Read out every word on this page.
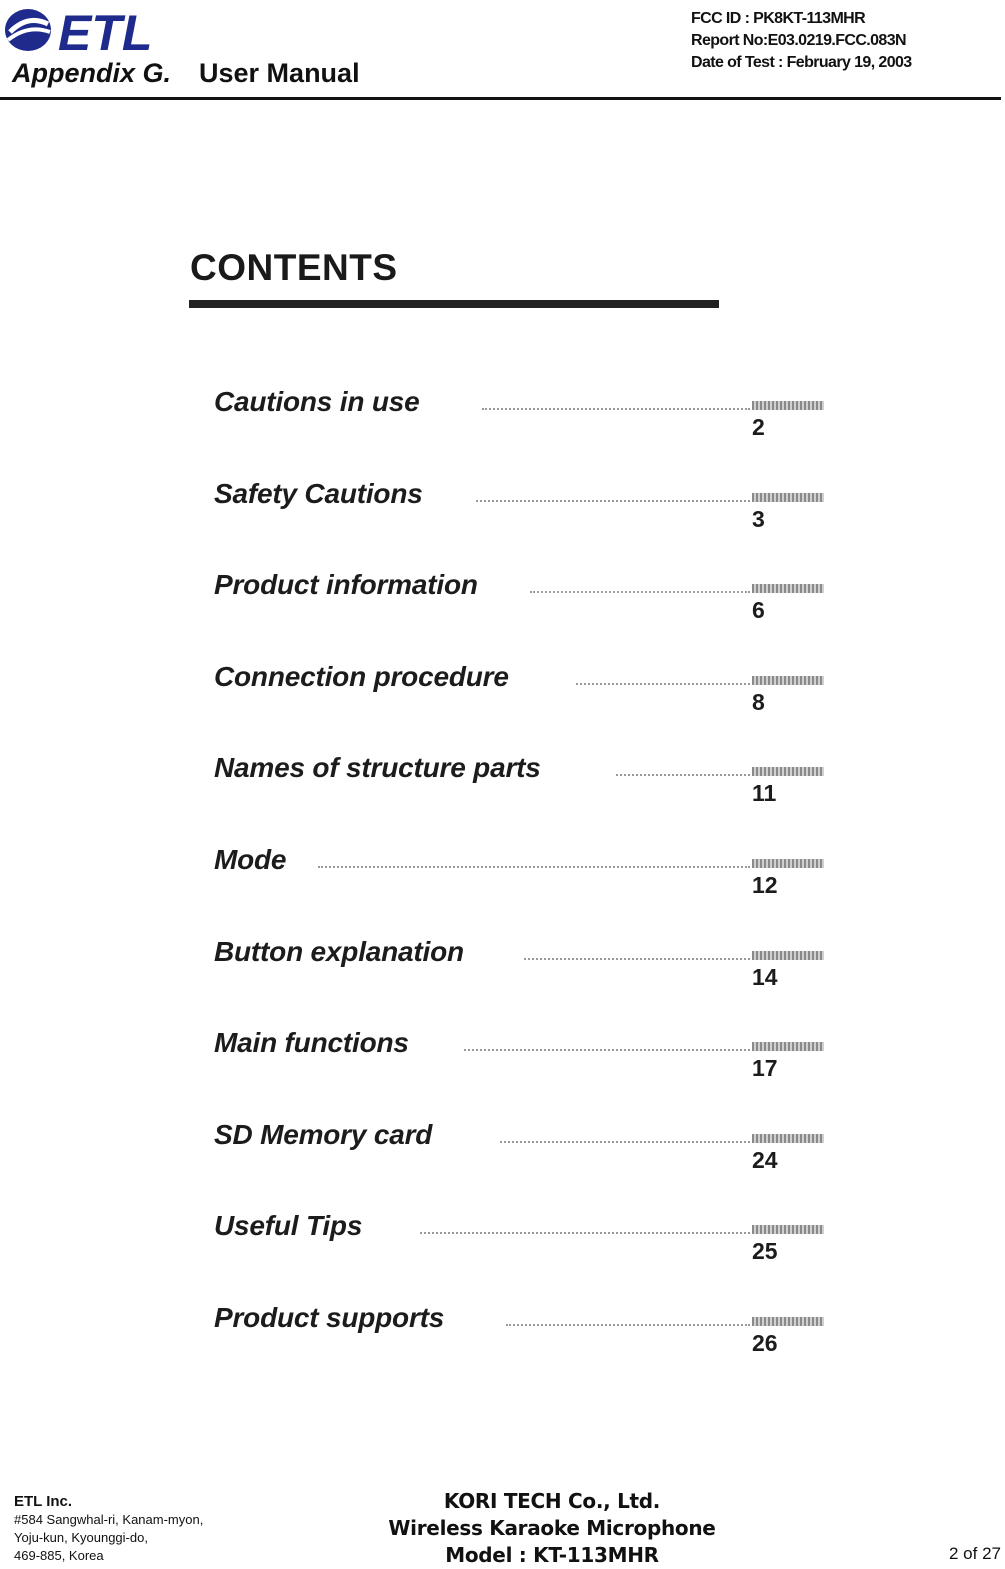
ETL
Appendix G. User Manual
FCC ID : PK8KT-113MHR
Report No:E03.0219.FCC.083N
Date of Test : February 19, 2003
CONTENTS
Cautions in use
2
Safety Cautions
3
Product information
6
Connection procedure
8
Names of structure parts
11
Mode
12
Button explanation
14
Main functions
17
SD Memory card
24
Useful Tips
25
Product supports
26
ETL Inc.
#584 Sangwhal-ri, Kanam-myon,
Yoju-kun, Kyounggi-do,
469-885, Korea
KORI TECH Co., Ltd.
Wireless Karaoke Microphone
Model : KT-113MHR	2 of 27
